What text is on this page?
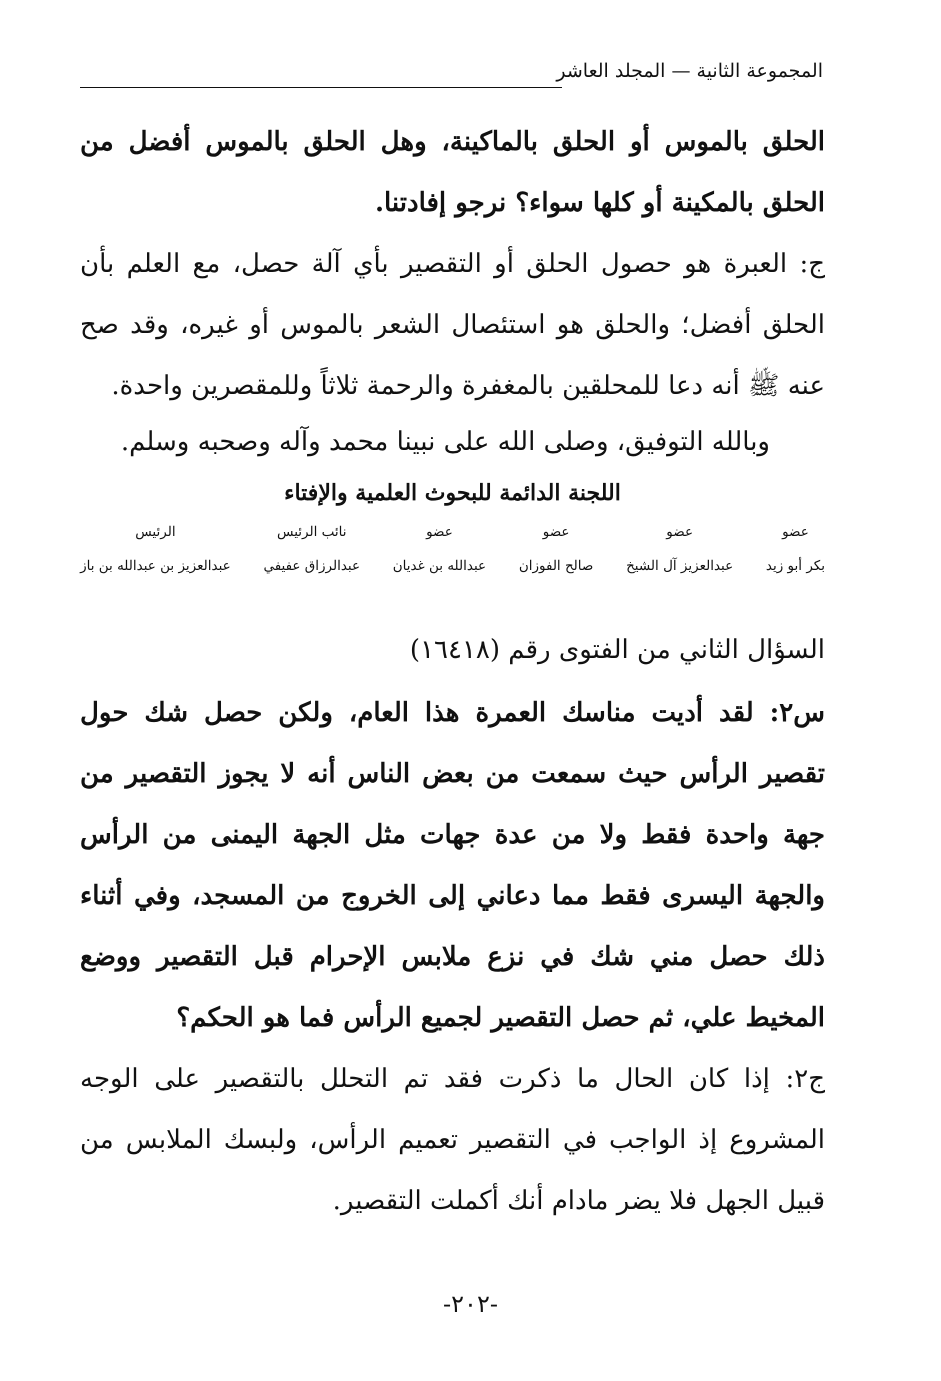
المجموعة الثانية — المجلد العاشر

الحلق بالموس أو الحلق بالماكينة، وهل الحلق بالموس أفضل من الحلق بالمكينة أو كلها سواء؟ نرجو إفادتنا.

ج: العبرة هو حصول الحلق أو التقصير بأي آلة حصل، مع العلم بأن الحلق أفضل؛ والحلق هو استئصال الشعر بالموس أو غيره، وقد صح عنه ﷺ أنه دعا للمحلقين بالمغفرة والرحمة ثلاثاً وللمقصرين واحدة.

وبالله التوفيق، وصلى الله على نبينا محمد وآله وصحبه وسلم.

اللجنة الدائمة للبحوث العلمية والإفتاء
عضو
بكر أبو زيد
عضو
عبدالعزيز آل الشيخ
عضو
صالح الفوزان
عضو
عبدالله بن غديان
نائب الرئيس
عبدالرزاق عفيفي
الرئيس
عبدالعزيز بن عبدالله بن باز
السؤال الثاني من الفتوى رقم (١٦٤١٨)

س٢: لقد أديت مناسك العمرة هذا العام، ولكن حصل شك حول تقصير الرأس حيث سمعت من بعض الناس أنه لا يجوز التقصير من جهة واحدة فقط ولا من عدة جهات مثل الجهة اليمنى من الرأس والجهة اليسرى فقط مما دعاني إلى الخروج من المسجد، وفي أثناء ذلك حصل مني شك في نزع ملابس الإحرام قبل التقصير ووضع المخيط علي، ثم حصل التقصير لجميع الرأس فما هو الحكم؟

ج٢: إذا كان الحال ما ذكرت فقد تم التحلل بالتقصير على الوجه المشروع إذ الواجب في التقصير تعميم الرأس، ولبسك الملابس من قبيل الجهل فلا يضر مادام أنك أكملت التقصير.

-٢٠٢-
